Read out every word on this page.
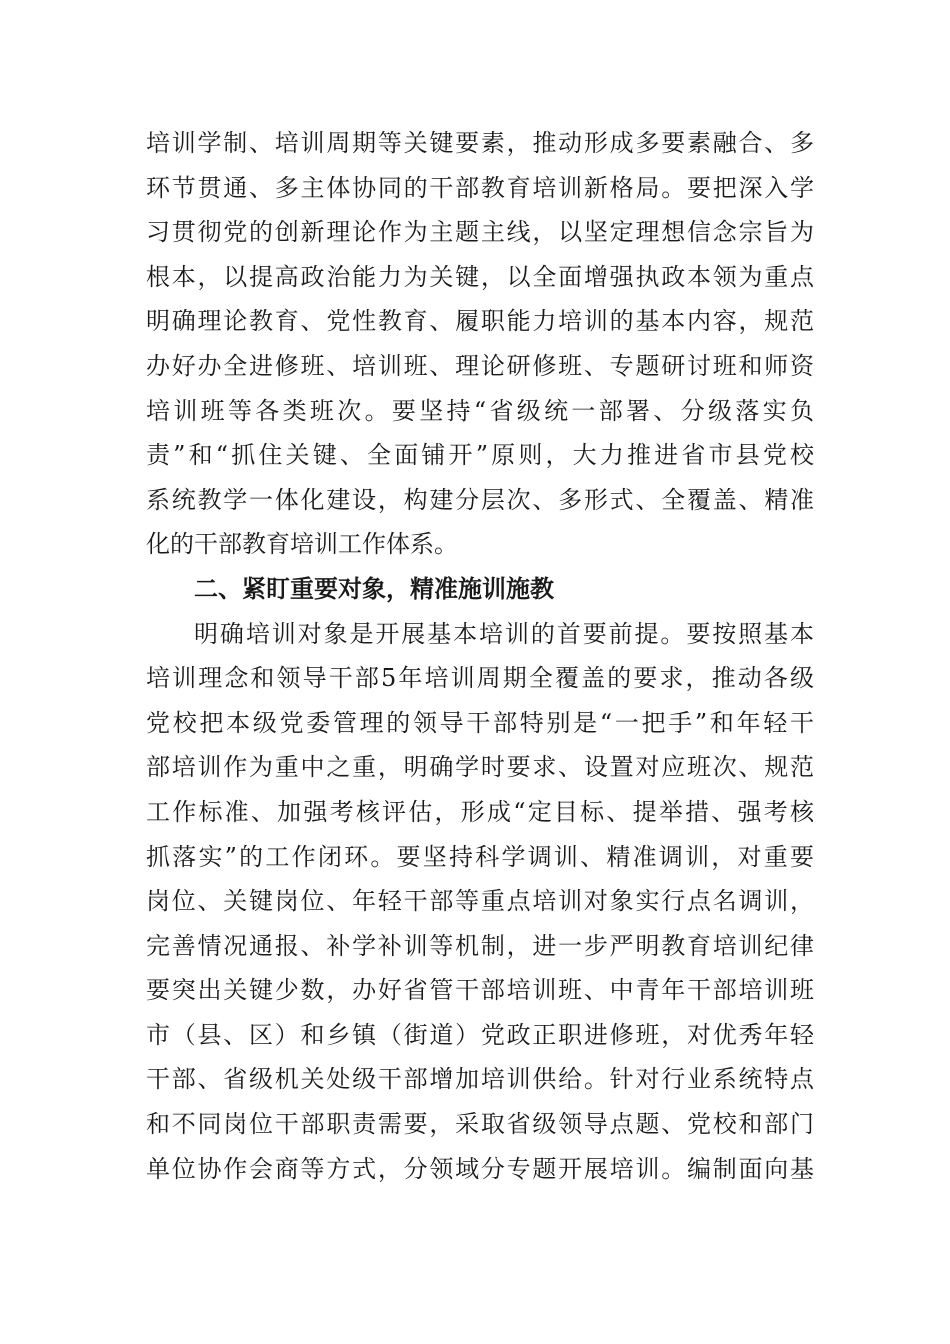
培训学制、培训周期等关键要素，推动形成多要素融合、多
环节贯通、多主体协同的干部教育培训新格局。要把深入学
习贯彻党的创新理论作为主题主线，以坚定理想信念宗旨为
根本，以提高政治能力为关键，以全面增强执政本领为重点
明确理论教育、党性教育、履职能力培训的基本内容，规范
办好办全进修班、培训班、理论研修班、专题研讨班和师资
培训班等各类班次。要坚持“省级统一部署、分级落实负
责”和“抓住关键、全面铺开”原则，大力推进省市县党校
系统教学一体化建设，构建分层次、多形式、全覆盖、精准
化的干部教育培训工作体系。
二、紧盯重要对象，精准施训施教
明确培训对象是开展基本培训的首要前提。要按照基本
培训理念和领导干部5年培训周期全覆盖的要求，推动各级
党校把本级党委管理的领导干部特别是“一把手”和年轻干
部培训作为重中之重，明确学时要求、设置对应班次、规范
工作标准、加强考核评估，形成“定目标、提举措、强考核
抓落实”的工作闭环。要坚持科学调训、精准调训，对重要
岗位、关键岗位、年轻干部等重点培训对象实行点名调训，
完善情况通报、补学补训等机制，进一步严明教育培训纪律
要突出关键少数，办好省管干部培训班、中青年干部培训班
市（县、区）和乡镇（街道）党政正职进修班，对优秀年轻
干部、省级机关处级干部增加培训供给。针对行业系统特点
和不同岗位干部职责需要，采取省级领导点题、党校和部门
单位协作会商等方式，分领域分专题开展培训。编制面向基
